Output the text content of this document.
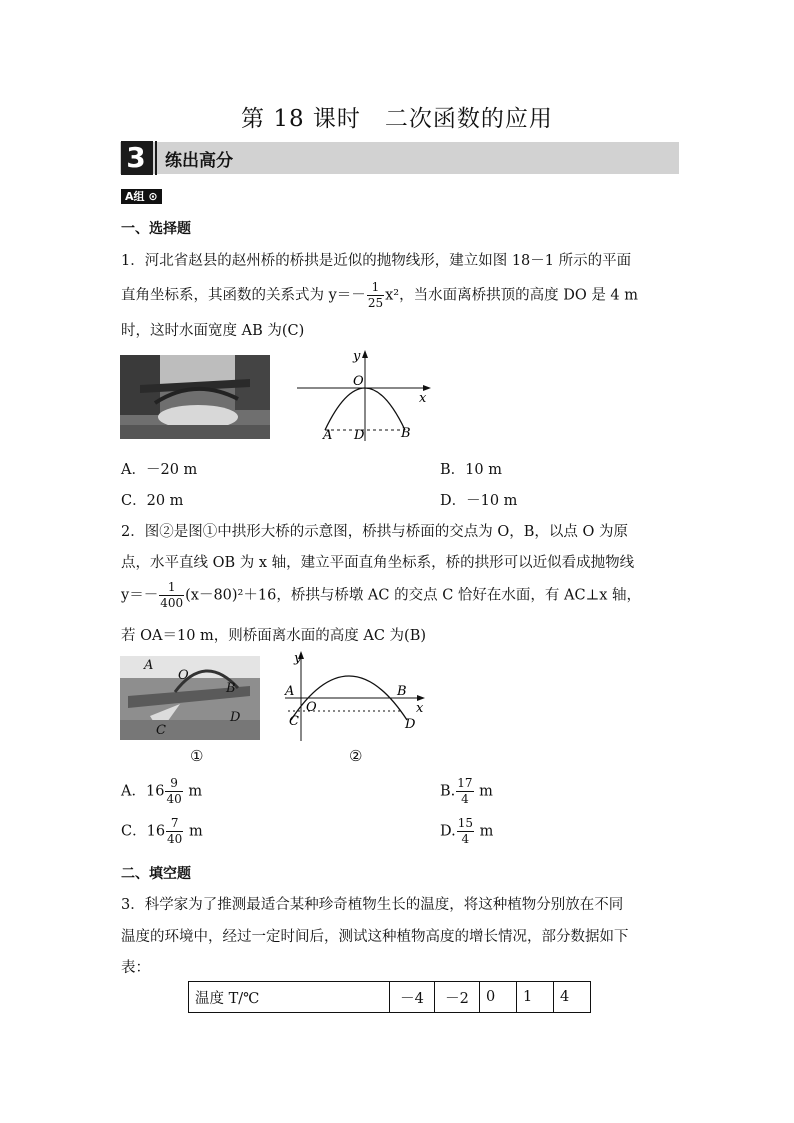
第 18 课时　二次函数的应用
3	练出高分
A组 ⊙
一、选择题
1．河北省赵县的赵州桥的桥拱是近似的抛物线形，建立如图 18－1 所示的平面
直角坐标系，其函数的关系式为 $y=- \frac{1}{25} x^2$，当水面离桥拱顶的高度 DO 是 4 m
时，这时水面宽度 AB 为(C)
y
O
x
A D	B
A．－20 m	B．10 m
C．20 m	D．－10 m
2．图②是图①中拱形大桥的示意图，桥拱与桥面的交点为 O，B，以点 O 为原
点，水平直线 OB 为 x 轴，建立平面直角坐标系，桥的拱形可以近似看成抛物线
$y=- \frac{1}{400} (x-80)^2+16$，桥拱与桥墩 AC 的交点 C 恰好在水面，有 AC⊥x 轴，
若 OA＝10 m，则桥面离水面的高度 AC 为(B)
A
O
B
D
C
y
A	B
C
O	x
D
①	②
A．$16 \frac{9}{40}$ m	B. $\frac{17}{4}$ m
C．$16 \frac{7}{40}$ m	D. $\frac{15}{4}$ m
二、填空题
3．科学家为了推测最适合某种珍奇植物生长的温度，将这种植物分别放在不同
温度的环境中，经过一定时间后，测试这种植物高度的增长情况，部分数据如下
表：
温度 T/℃	－4	－2	0	1	4
